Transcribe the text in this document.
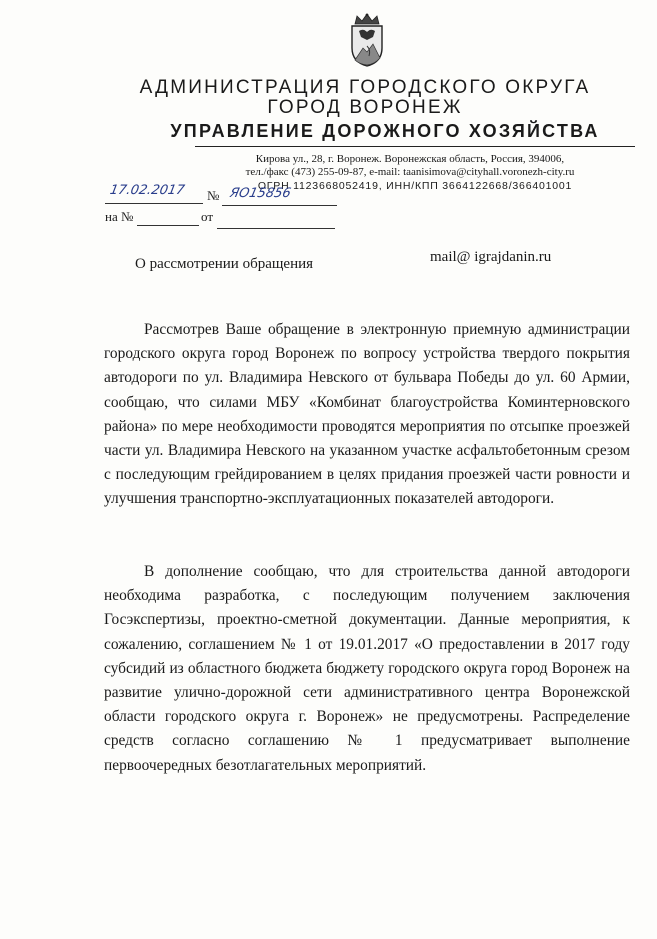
АДМИНИСТРАЦИЯ ГОРОДСКОГО ОКРУГА
ГОРОД ВОРОНЕЖ
УПРАВЛЕНИЕ ДОРОЖНОГО ХОЗЯЙСТВА
Кирова ул., 28, г. Воронеж. Воронежская область, Россия, 394006,
тел./факс (473) 255-09-87, e-mail: taanisimova@cityhall.voronezh-city.ru
ОГРН 1123668052419, ИНН/КПП 3664122668/366401001
17.02.2017	№ ЯО15856
на №	от
О рассмотрении обращения	mail@ igrajdanin.ru
Рассмотрев Ваше обращение в электронную приемную администрации городского округа город Воронеж по вопросу устройства твердого покрытия автодороги по ул. Владимира Невского от бульвара Победы до ул. 60 Армии, сообщаю, что силами МБУ «Комбинат благоустройства Коминтерновского района» по мере необходимости проводятся мероприятия по отсыпке проезжей части ул. Владимира Невского на указанном участке асфальтобетонным срезом с последующим грейдированием в целях придания проезжей части ровности и улучшения транспортно-эксплуатационных показателей автодороги.
В дополнение сообщаю, что для строительства данной автодороги необходима разработка, с последующим получением заключения Госэкспертизы, проектно-сметной документации. Данные мероприятия, к сожалению, соглашением № 1 от 19.01.2017 «О предоставлении в 2017 году субсидий из областного бюджета бюджету городского округа город Воронеж на развитие улично-дорожной сети административного центра Воронежской области городского округа г. Воронеж» не предусмотрены. Распределение средств согласно соглашению № 1 предусматривает выполнение первоочередных безотлагательных мероприятий.
